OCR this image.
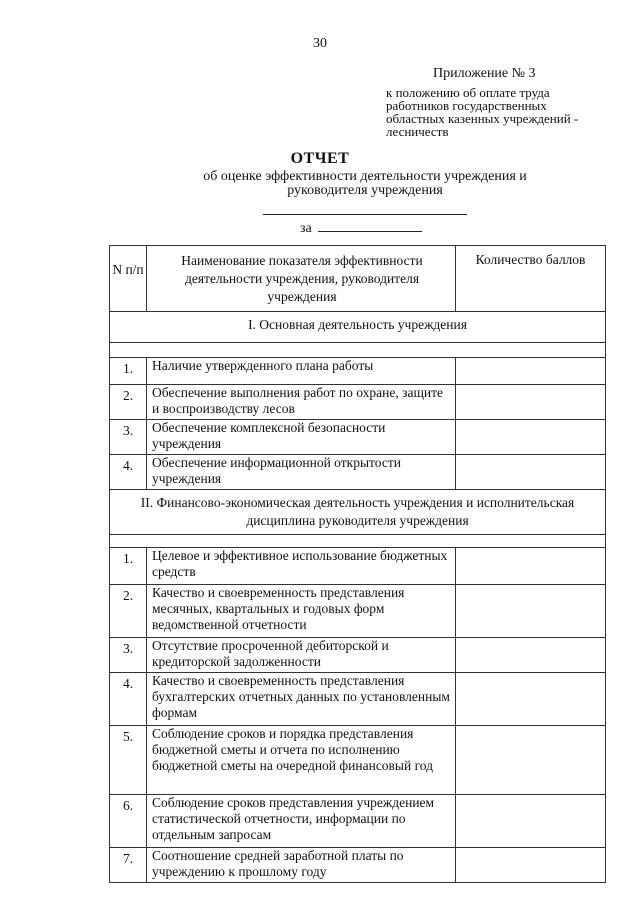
30
Приложение № 3
к положению об оплате труда
работников государственных
областных казенных учреждений -
лесничеств
ОТЧЕТ
об оценке эффективности деятельности учреждения и руководителя учреждения
за
N п/п	Наименование показателя эффективности деятельности учреждения, руководителя учреждения	Количество баллов
I. Основная деятельность учреждения		

1.	Наличие утвержденного плана работы	
2.	Обеспечение выполнения работ по охране, защите и воспроизводству лесов	
3.	Обеспечение комплексной безопасности учреждения	
4.	Обеспечение информационной открытости учреждения	
II. Финансово-экономическая деятельность учреждения и исполнительская дисциплина руководителя учреждения		

1.	Целевое и эффективное использование бюджетных средств	
2.	Качество и своевременность представления месячных, квартальных и годовых форм ведомственной отчетности	
3.	Отсутствие просроченной дебиторской и кредиторской задолженности	
4.	Качество и своевременность представления бухгалтерских отчетных данных по установленным формам	
5.	Соблюдение сроков и порядка представления бюджетной сметы и отчета по исполнению бюджетной сметы на очередной финансовый год	
6.	Соблюдение сроков представления учреждением статистической отчетности, информации по отдельным запросам	
7.	Соотношение средней заработной платы по учреждению к прошлому году	
